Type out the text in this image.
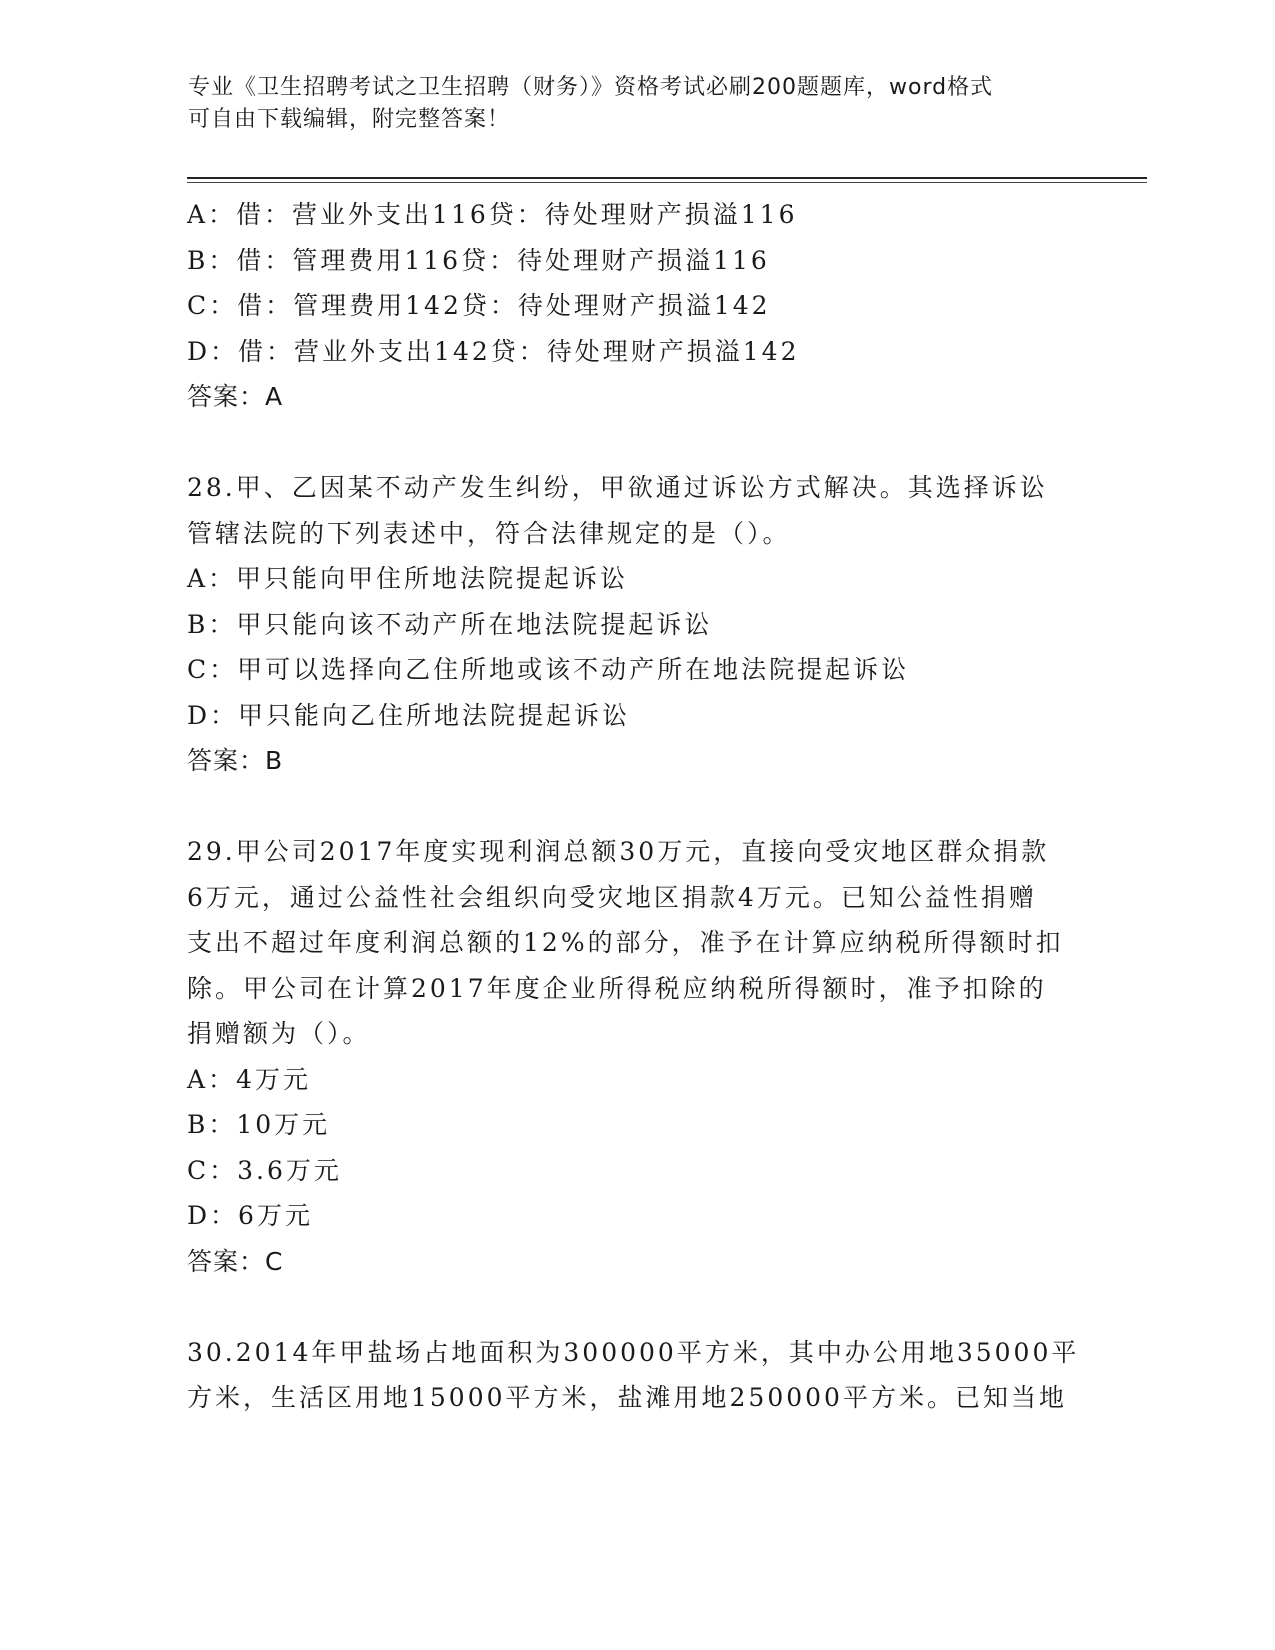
专业《卫生招聘考试之卫生招聘（财务）》资格考试必刷200题题库，word格式
可自由下载编辑，附完整答案！
A：借：营业外支出116贷：待处理财产损溢116
B：借：管理费用116贷：待处理财产损溢116
C：借：管理费用142贷：待处理财产损溢142
D：借：营业外支出142贷：待处理财产损溢142
答案：A
28.甲、乙因某不动产发生纠纷，甲欲通过诉讼方式解决。其选择诉讼
管辖法院的下列表述中，符合法律规定的是（）。
A：甲只能向甲住所地法院提起诉讼
B：甲只能向该不动产所在地法院提起诉讼
C：甲可以选择向乙住所地或该不动产所在地法院提起诉讼
D：甲只能向乙住所地法院提起诉讼
答案：B
29.甲公司2017年度实现利润总额30万元，直接向受灾地区群众捐款
6万元，通过公益性社会组织向受灾地区捐款4万元。已知公益性捐赠
支出不超过年度利润总额的12%的部分，准予在计算应纳税所得额时扣
除。甲公司在计算2017年度企业所得税应纳税所得额时，准予扣除的
捐赠额为（）。
A：4万元
B：10万元
C：3.6万元
D：6万元
答案：C
30.2014年甲盐场占地面积为300000平方米，其中办公用地35000平
方米，生活区用地15000平方米，盐滩用地250000平方米。已知当地
